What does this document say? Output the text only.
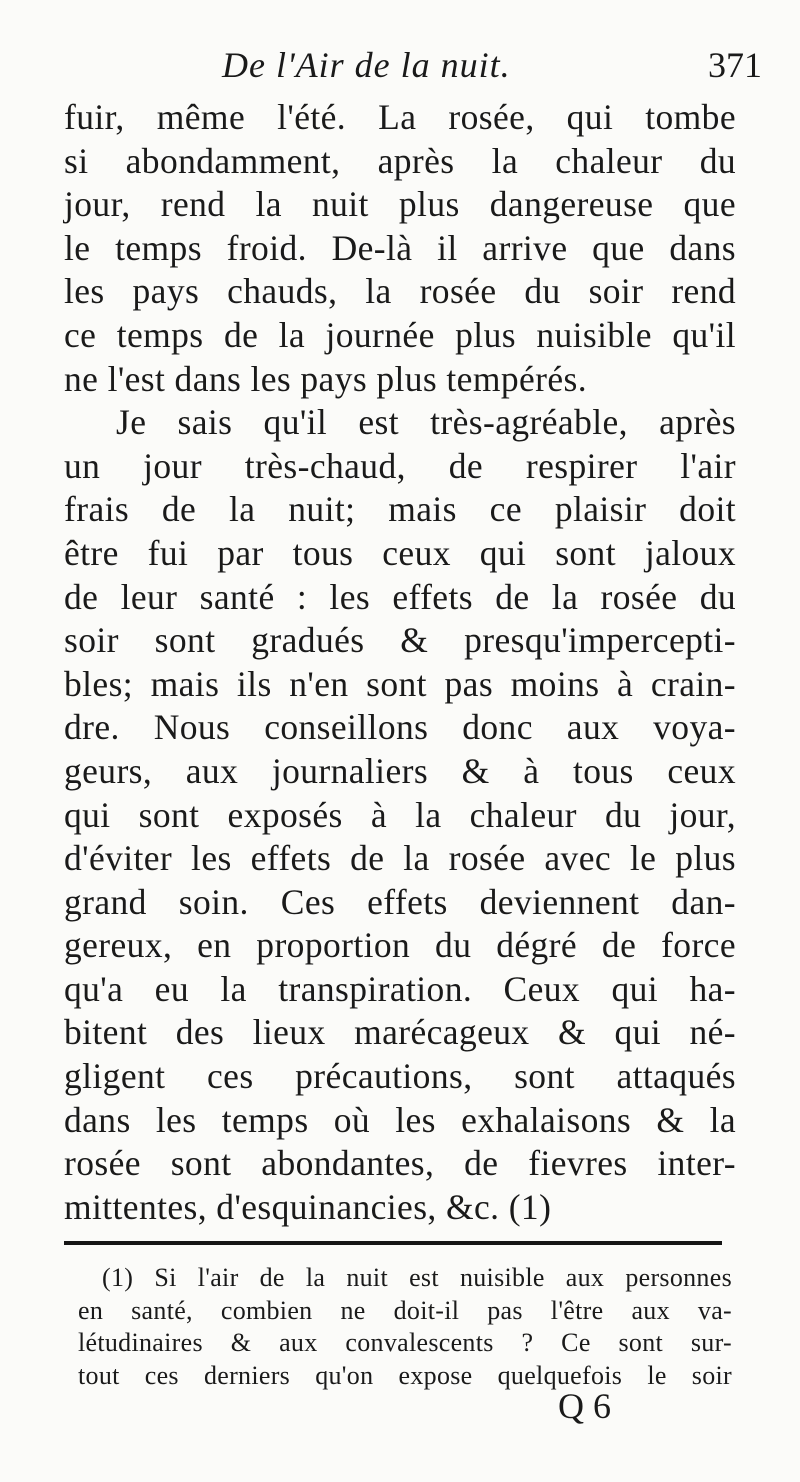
De l'Air de la nuit.	371
fuir, même l'été. La rosée, qui tombe
si abondamment, après la chaleur du
jour, rend la nuit plus dangereuse que
le temps froid. De-là il arrive que dans
les pays chauds, la rosée du soir rend
ce temps de la journée plus nuisible qu'il
ne l'est dans les pays plus tempérés.
Je sais qu'il est très-agréable, après
un jour très-chaud, de respirer l'air
frais de la nuit; mais ce plaisir doit
être fui par tous ceux qui sont jaloux
de leur santé : les effets de la rosée du
soir sont gradués & presqu'impercepti-
bles; mais ils n'en sont pas moins à crain-
dre. Nous conseillons donc aux voya-
geurs, aux journaliers & à tous ceux
qui sont exposés à la chaleur du jour,
d'éviter les effets de la rosée avec le plus
grand soin. Ces effets deviennent dan-
gereux, en proportion du dégré de force
qu'a eu la transpiration. Ceux qui ha-
bitent des lieux marécageux & qui né-
gligent ces précautions, sont attaqués
dans les temps où les exhalaisons & la
rosée sont abondantes, de fievres inter-
mittentes, d'esquinancies, &c. (1)
(1) Si l'air de la nuit est nuisible aux personnes
en santé, combien ne doit-il pas l'être aux va-
létudinaires & aux convalescents ? Ce sont sur-
tout ces derniers qu'on expose quelquefois le soir
Q 6
